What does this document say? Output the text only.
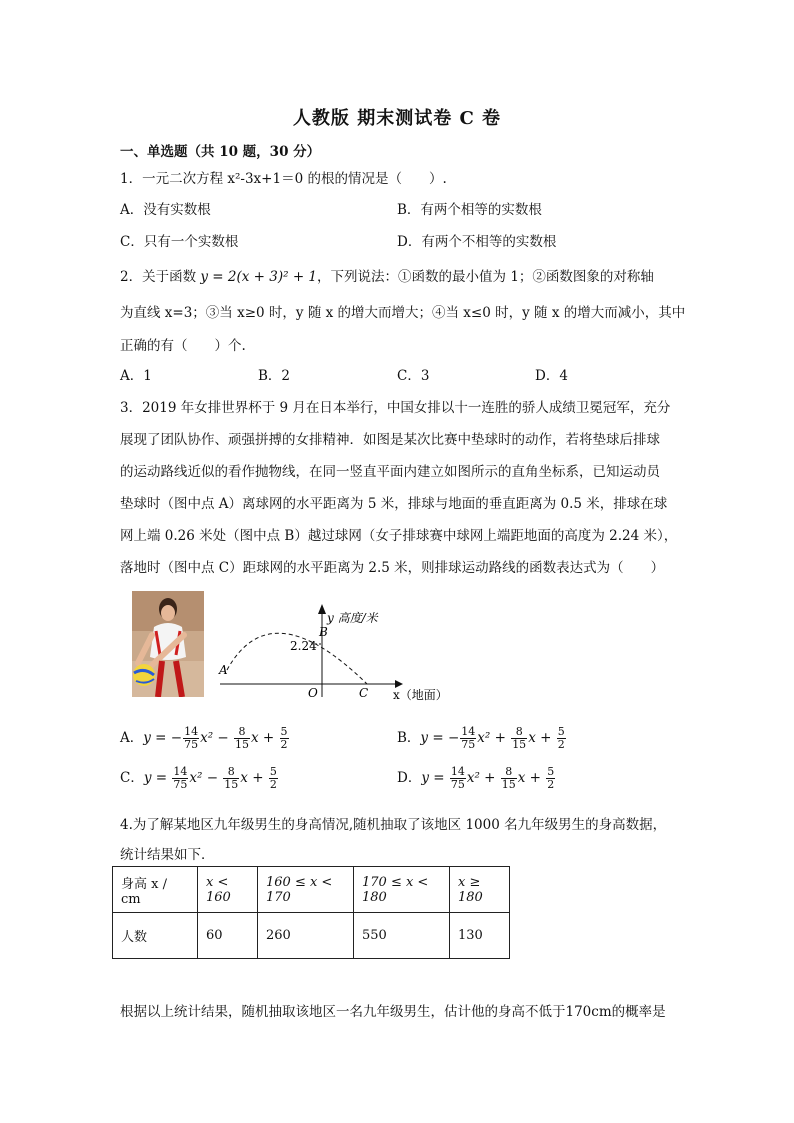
人教版 期末测试卷 C 卷
一、单选题（共 10 题，30 分）
1．一元二次方程 x²-3x+1＝0 的根的情况是（　　）.
A．没有实数根	B．有两个相等的实数根
C．只有一个实数根	D．有两个不相等的实数根
2．关于函数 y = 2(x + 3)² + 1，下列说法：①函数的最小值为 1；②函数图象的对称轴
为直线 x=3；③当 x≥0 时，y 随 x 的增大而增大；④当 x≤0 时，y 随 x 的增大而减小，其中
正确的有（　　）个.
A．1	B．2	C．3	D．4
3．2019 年女排世界杯于 9 月在日本举行，中国女排以十一连胜的骄人成绩卫冕冠军，充分
展现了团队协作、顽强拼搏的女排精神．如图是某次比赛中垫球时的动作，若将垫球后排球
的运动路线近似的看作抛物线，在同一竖直平面内建立如图所示的直角坐标系，已知运动员
垫球时（图中点 A）离球网的水平距离为 5 米，排球与地面的垂直距离为 0.5 米，排球在球
网上端 0.26 米处（图中点 B）越过球网（女子排球赛中球网上端距地面的高度为 2.24 米），
落地时（图中点 C）距球网的水平距离为 2.5 米，则排球运动路线的函数表达式为（　　）
2.24
y 高度/米
A
B
C
O	x（地面）
A．y = − $\frac{14}{75} x^2 - \frac{8}{15}$ $x + \frac{5}{2}$	B．y = − $\frac{14}{75} x^2 + \frac{8}{15}$ $x + \frac{5}{2}$
C．$y = \frac{14}{75} x^2 - \frac{8}{15}$ $x + \frac{5}{2}$	D．$y = \frac{14}{75} x^2 + \frac{8}{15}$ $x + \frac{5}{2}$
4.为了解某地区九年级男生的身高情况,随机抽取了该地区 1000 名九年级男生的身高数据，
统计结果如下．
身高 x / cm	x < 160	160 ≤ x < 170	170 ≤ x < 180	x ≥ 180
人数	60	260	550	130
根据以上统计结果，随机抽取该地区一名九年级男生，估计他的身高不低于170cm的概率是
